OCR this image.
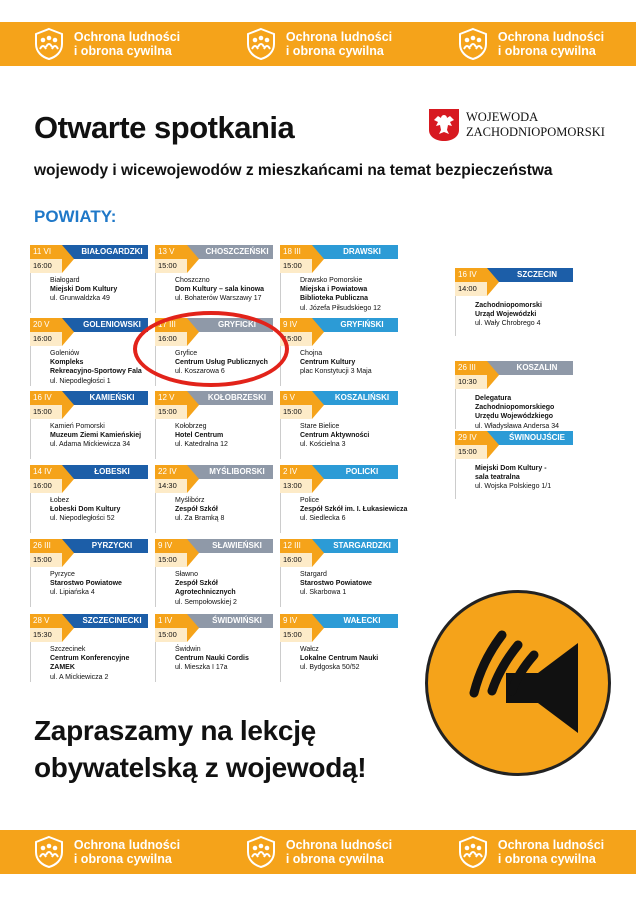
Ochrona ludności
i obrona cywilna
Ochrona ludności
i obrona cywilna
Ochrona ludności
i obrona cywilna
Otwarte spotkania
wojewody i wicewojewodów z mieszkańcami na temat bezpieczeństwa
WOJEWODA
ZACHODNIOPOMORSKI
POWIATY:
BIAŁOGARDZKI
11 VI
16:00
Białogard
Miejski Dom Kultury
ul. Grunwaldzka 49
CHOSZCZEŃSKI
13 V
15:00
Choszczno
Dom Kultury – sala kinowa
ul. Bohaterów Warszawy 17
DRAWSKI
18 III
15:00
Drawsko Pomorskie
Miejska i Powiatowa
Biblioteka Publiczna
ul. Józefa Piłsudskiego 12
GOLENIOWSKI
20 V
16:00
Goleniów
Kompleks
Rekreacyjno-Sportowy Fala
ul. Niepodległości 1
GRYFICKI
17 III
16:00
Gryfice
Centrum Usług Publicznych
ul. Koszarowa 6
GRYFIŃSKI
9 IV
15:00
Chojna
Centrum Kultury
plac Konstytucji 3 Maja
KAMIEŃSKI
16 IV
15:00
Kamień Pomorski
Muzeum Ziemi Kamieńskiej
ul. Adama Mickiewicza 34
KOŁOBRZESKI
12 V
15:00
Kołobrzeg
Hotel Centrum
ul. Katedralna 12
KOSZALIŃSKI
6 V
15:00
Stare Bielice
Centrum Aktywności
ul. Kościelna 3
ŁOBESKI
14 IV
16:00
Łobez
Łobeski Dom Kultury
ul. Niepodległości 52
MYŚLIBORSKI
22 IV
14:30
Myślibórz
Zespół Szkół
ul. Za Bramką 8
POLICKI
2 IV
13:00
Police
Zespół Szkół im. I. Łukasiewicza
ul. Siedlecka 6
PYRZYCKI
26 III
15:00
Pyrzyce
Starostwo Powiatowe
ul. Lipiańska 4
SŁAWIEŃSKI
9 IV
15:00
Sławno
Zespół Szkół
Agrotechnicznych
ul. Sempołowskiej 2
STARGARDZKI
12 III
16:00
Stargard
Starostwo Powiatowe
ul. Skarbowa 1
SZCZECINECKI
28 V
15:30
Szczecinek
Centrum Konferencyjne
ZAMEK
ul. A Mickiewicza 2
ŚWIDWIŃSKI
1 IV
15:00
Świdwin
Centrum Nauki Cordis
ul. Mieszka I 17a
WAŁECKI
9 IV
15:00
Wałcz
Lokalne Centrum Nauki
ul. Bydgoska 50/52
SZCZECIN
16 IV
14:00
Zachodniopomorski
Urząd Wojewódzki
ul. Wały Chrobrego 4
KOSZALIN
26 III
10:30
Delegatura
Zachodniopomorskiego
Urzędu Wojewódzkiego
ul. Władysława Andersa 34
ŚWINOUJŚCIE
29 IV
15:00
Miejski Dom Kultury -
sala teatralna
ul. Wojska Polskiego 1/1
Zapraszamy na lekcję
obywatelską z wojewodą!
Ochrona ludności
i obrona cywilna
Ochrona ludności
i obrona cywilna
Ochrona ludności
i obrona cywilna
